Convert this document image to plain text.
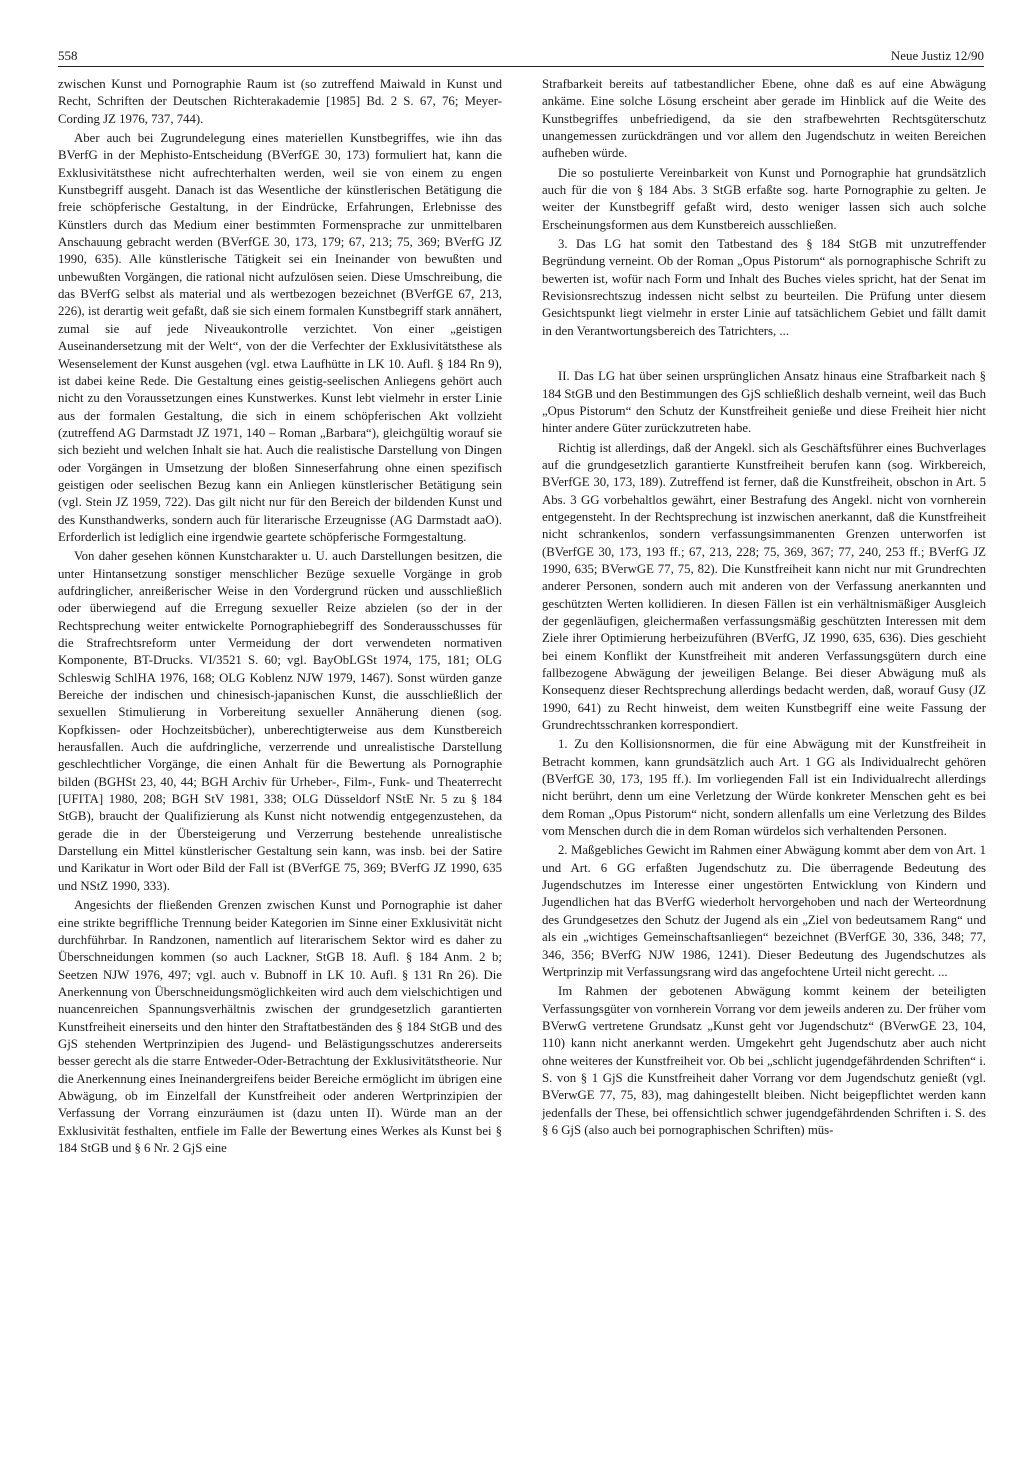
558	Neue Justiz 12/90

zwischen Kunst und Pornographie Raum ist (so zutreffend Maiwald in Kunst und Recht, Schriften der Deutschen Richterakademie [1985] Bd. 2 S. 67, 76; Meyer-Cording JZ 1976, 737, 744).

Aber auch bei Zugrundelegung eines materiellen Kunstbegriffes, wie ihn das BVerfG in der Mephisto-Entscheidung (BVerfGE 30, 173) formuliert hat, kann die Exklusivitätsthese nicht aufrechterhalten werden, weil sie von einem zu engen Kunstbegriff ausgeht. Danach ist das Wesentliche der künstlerischen Betätigung die freie schöpferische Gestaltung, in der Eindrücke, Erfahrungen, Erlebnisse des Künstlers durch das Medium einer bestimmten Formensprache zur unmittelbaren Anschauung gebracht werden (BVerfGE 30, 173, 179; 67, 213; 75, 369; BVerfG JZ 1990, 635). Alle künstlerische Tätigkeit sei ein Ineinander von bewußten und unbewußten Vorgängen, die rational nicht aufzulösen seien. Diese Umschreibung, die das BVerfG selbst als material und als wertbezogen bezeichnet (BVerfGE 67, 213, 226), ist derartig weit gefaßt, daß sie sich einem formalen Kunstbegriff stark annähert, zumal sie auf jede Niveaukontrolle verzichtet. Von einer „geistigen Auseinandersetzung mit der Welt“, von der die Verfechter der Exklusivitätsthese als Wesenselement der Kunst ausgehen (vgl. etwa Laufhütte in LK 10. Aufl. § 184 Rn 9), ist dabei keine Rede. Die Gestaltung eines geistig-seelischen Anliegens gehört auch nicht zu den Voraussetzungen eines Kunstwerkes. Kunst lebt vielmehr in erster Linie aus der formalen Gestaltung, die sich in einem schöpferischen Akt vollzieht (zutreffend AG Darmstadt JZ 1971, 140 – Roman „Barbara“), gleichgültig worauf sie sich bezieht und welchen Inhalt sie hat. Auch die realistische Darstellung von Dingen oder Vorgängen in Umsetzung der bloßen Sinneserfahrung ohne einen spezifisch geistigen oder seelischen Bezug kann ein Anliegen künstlerischer Betätigung sein (vgl. Stein JZ 1959, 722). Das gilt nicht nur für den Bereich der bildenden Kunst und des Kunsthandwerks, sondern auch für literarische Erzeugnisse (AG Darmstadt aaO). Erforderlich ist lediglich eine irgendwie geartete schöpferische Formgestaltung.

Von daher gesehen können Kunstcharakter u. U. auch Darstellungen besitzen, die unter Hintansetzung sonstiger menschlicher Bezüge sexuelle Vorgänge in grob aufdringlicher, anreißerischer Weise in den Vordergrund rücken und ausschließlich oder überwiegend auf die Erregung sexueller Reize abzielen (so der in der Rechtsprechung weiter entwickelte Pornographiebegriff des Sonderausschusses für die Strafrechtsreform unter Vermeidung der dort verwendeten normativen Komponente, BT-Drucks. VI/3521 S. 60; vgl. BayObLGSt 1974, 175, 181; OLG Schleswig SchlHA 1976, 168; OLG Koblenz NJW 1979, 1467). Sonst würden ganze Bereiche der indischen und chinesisch-japanischen Kunst, die ausschließlich der sexuellen Stimulierung in Vorbereitung sexueller Annäherung dienen (sog. Kopfkissen- oder Hochzeitsbücher), unberechtigterweise aus dem Kunstbereich herausfallen. Auch die aufdringliche, verzerrende und unrealistische Darstellung geschlechtlicher Vorgänge, die einen Anhalt für die Bewertung als Pornographie bilden (BGHSt 23, 40, 44; BGH Archiv für Urheber-, Film-, Funk- und Theaterrecht [UFITA] 1980, 208; BGH StV 1981, 338; OLG Düsseldorf NStE Nr. 5 zu § 184 StGB), braucht der Qualifizierung als Kunst nicht notwendig entgegenzustehen, da gerade die in der Übersteigerung und Verzerrung bestehende unrealistische Darstellung ein Mittel künstlerischer Gestaltung sein kann, was insb. bei der Satire und Karikatur in Wort oder Bild der Fall ist (BVerfGE 75, 369; BVerfG JZ 1990, 635 und NStZ 1990, 333).

Angesichts der fließenden Grenzen zwischen Kunst und Pornographie ist daher eine strikte begriffliche Trennung beider Kategorien im Sinne einer Exklusivität nicht durchführbar. In Randzonen, namentlich auf literarischem Sektor wird es daher zu Überschneidungen kommen (so auch Lackner, StGB 18. Aufl. § 184 Anm. 2 b; Seetzen NJW 1976, 497; vgl. auch v. Bubnoff in LK 10. Aufl. § 131 Rn 26). Die Anerkennung von Überschneidungsmöglichkeiten wird auch dem vielschichtigen und nuancenreichen Spannungsverhältnis zwischen der grundgesetzlich garantierten Kunstfreiheit einerseits und den hinter den Straftatbeständen des § 184 StGB und des GjS stehenden Wertprinzipien des Jugend- und Belästigungsschutzes andererseits besser gerecht als die starre Entweder-Oder-Betrachtung der Exklusivitätstheorie. Nur die Anerkennung eines Ineinandergreifens beider Bereiche ermöglicht im übrigen eine Abwägung, ob im Einzelfall der Kunstfreiheit oder anderen Wertprinzipien der Verfassung der Vorrang einzuräumen ist (dazu unten II). Würde man an der Exklusivität festhalten, entfiele im Falle der Bewertung eines Werkes als Kunst bei § 184 StGB und § 6 Nr. 2 GjS eine

Strafbarkeit bereits auf tatbestandlicher Ebene, ohne daß es auf eine Abwägung ankäme. Eine solche Lösung erscheint aber gerade im Hinblick auf die Weite des Kunstbegriffes unbefriedigend, da sie den strafbewehrten Rechtsgüterschutz unangemessen zurückdrängen und vor allem den Jugendschutz in weiten Bereichen aufheben würde.

Die so postulierte Vereinbarkeit von Kunst und Pornographie hat grundsätzlich auch für die von § 184 Abs. 3 StGB erfaßte sog. harte Pornographie zu gelten. Je weiter der Kunstbegriff gefaßt wird, desto weniger lassen sich auch solche Erscheinungsformen aus dem Kunstbereich ausschließen.

3. Das LG hat somit den Tatbestand des § 184 StGB mit unzutreffender Begründung verneint. Ob der Roman „Opus Pistorum“ als pornographische Schrift zu bewerten ist, wofür nach Form und Inhalt des Buches vieles spricht, hat der Senat im Revisionsrechtszug indessen nicht selbst zu beurteilen. Die Prüfung unter diesem Gesichtspunkt liegt vielmehr in erster Linie auf tatsächlichem Gebiet und fällt damit in den Verantwortungsbereich des Tatrichters, ...

II. Das LG hat über seinen ursprünglichen Ansatz hinaus eine Strafbarkeit nach § 184 StGB und den Bestimmungen des GjS schließlich deshalb verneint, weil das Buch „Opus Pistorum“ den Schutz der Kunstfreiheit genieße und diese Freiheit hier nicht hinter andere Güter zurückzutreten habe.

Richtig ist allerdings, daß der Angekl. sich als Geschäftsführer eines Buchverlages auf die grundgesetzlich garantierte Kunstfreiheit berufen kann (sog. Wirkbereich, BVerfGE 30, 173, 189). Zutreffend ist ferner, daß die Kunstfreiheit, obschon in Art. 5 Abs. 3 GG vorbehaltlos gewährt, einer Bestrafung des Angekl. nicht von vornherein entgegensteht. In der Rechtsprechung ist inzwischen anerkannt, daß die Kunstfreiheit nicht schrankenlos, sondern verfassungsimmanenten Grenzen unterworfen ist (BVerfGE 30, 173, 193 ff.; 67, 213, 228; 75, 369, 367; 77, 240, 253 ff.; BVerfG JZ 1990, 635; BVerwGE 77, 75, 82). Die Kunstfreiheit kann nicht nur mit Grundrechten anderer Personen, sondern auch mit anderen von der Verfassung anerkannten und geschützten Werten kollidieren. In diesen Fällen ist ein verhältnismäßiger Ausgleich der gegenläufigen, gleichermaßen verfassungsmäßig geschützten Interessen mit dem Ziele ihrer Optimierung herbeizuführen (BVerfG, JZ 1990, 635, 636). Dies geschieht bei einem Konflikt der Kunstfreiheit mit anderen Verfassungsgütern durch eine fallbezogene Abwägung der jeweiligen Belange. Bei dieser Abwägung muß als Konsequenz dieser Rechtsprechung allerdings bedacht werden, daß, worauf Gusy (JZ 1990, 641) zu Recht hinweist, dem weiten Kunstbegriff eine weite Fassung der Grundrechtsschranken korrespondiert.

1. Zu den Kollisionsnormen, die für eine Abwägung mit der Kunstfreiheit in Betracht kommen, kann grundsätzlich auch Art. 1 GG als Individualrecht gehören (BVerfGE 30, 173, 195 ff.). Im vorliegenden Fall ist ein Individualrecht allerdings nicht berührt, denn um eine Verletzung der Würde konkreter Menschen geht es bei dem Roman „Opus Pistorum“ nicht, sondern allenfalls um eine Verletzung des Bildes vom Menschen durch die in dem Roman würdelos sich verhaltenden Personen.

2. Maßgebliches Gewicht im Rahmen einer Abwägung kommt aber dem von Art. 1 und Art. 6 GG erfaßten Jugendschutz zu. Die überragende Bedeutung des Jugendschutzes im Interesse einer ungestörten Entwicklung von Kindern und Jugendlichen hat das BVerfG wiederholt hervorgehoben und nach der Werteordnung des Grundgesetzes den Schutz der Jugend als ein „Ziel von bedeutsamem Rang“ und als ein „wichtiges Gemeinschaftsanliegen“ bezeichnet (BVerfGE 30, 336, 348; 77, 346, 356; BVerfG NJW 1986, 1241). Dieser Bedeutung des Jugendschutzes als Wertprinzip mit Verfassungsrang wird das angefochtene Urteil nicht gerecht. ...

Im Rahmen der gebotenen Abwägung kommt keinem der beteiligten Verfassungsgüter von vornherein Vorrang vor dem jeweils anderen zu. Der früher vom BVerwG vertretene Grundsatz „Kunst geht vor Jugendschutz“ (BVerwGE 23, 104, 110) kann nicht anerkannt werden. Umgekehrt geht Jugendschutz aber auch nicht ohne weiteres der Kunstfreiheit vor. Ob bei „schlicht jugendgefährdenden Schriften“ i. S. von § 1 GjS die Kunstfreiheit daher Vorrang vor dem Jugendschutz genießt (vgl. BVerwGE 77, 75, 83), mag dahingestellt bleiben. Nicht beigepflichtet werden kann jedenfalls der These, bei offensichtlich schwer jugendgefährdenden Schriften i. S. des § 6 GjS (also auch bei pornographischen Schriften) müs-
